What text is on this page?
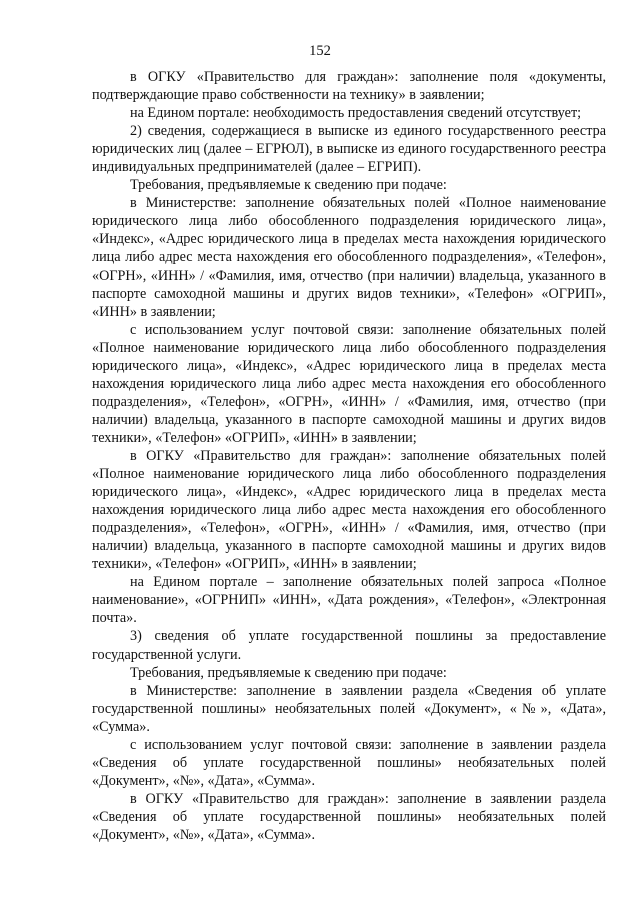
152

в ОГКУ «Правительство для граждан»: заполнение поля «документы, подтверждающие право собственности на технику» в заявлении;

на Едином портале: необходимость предоставления сведений отсутствует;

2) сведения, содержащиеся в выписке из единого государственного реестра юридических лиц (далее – ЕГРЮЛ), в выписке из единого государственного реестра индивидуальных предпринимателей (далее – ЕГРИП).

Требования, предъявляемые к сведению при подаче:

в Министерстве: заполнение обязательных полей «Полное наименование юридического лица либо обособленного подразделения юридического лица», «Индекс», «Адрес юридического лица в пределах места нахождения юридического лица либо адрес места нахождения его обособленного подразделения», «Телефон», «ОГРН», «ИНН» / «Фамилия, имя, отчество (при наличии) владельца, указанного в паспорте самоходной машины и других видов техники», «Телефон» «ОГРИП», «ИНН» в заявлении;

с использованием услуг почтовой связи: заполнение обязательных полей «Полное наименование юридического лица либо обособленного подразделения юридического лица», «Индекс», «Адрес юридического лица в пределах места нахождения юридического лица либо адрес места нахождения его обособленного подразделения», «Телефон», «ОГРН», «ИНН» / «Фамилия, имя, отчество (при наличии) владельца, указанного в паспорте самоходной машины и других видов техники», «Телефон» «ОГРИП», «ИНН» в заявлении;

в ОГКУ «Правительство для граждан»: заполнение обязательных полей «Полное наименование юридического лица либо обособленного подразделения юридического лица», «Индекс», «Адрес юридического лица в пределах места нахождения юридического лица либо адрес места нахождения его обособленного подразделения», «Телефон», «ОГРН», «ИНН» / «Фамилия, имя, отчество (при наличии) владельца, указанного в паспорте самоходной машины и других видов техники», «Телефон» «ОГРИП», «ИНН» в заявлении;

на Едином портале – заполнение обязательных полей запроса «Полное наименование», «ОГРНИП» «ИНН», «Дата рождения», «Телефон», «Электронная почта».

3) сведения об уплате государственной пошлины за предоставление государственной услуги.

Требования, предъявляемые к сведению при подаче:

в Министерстве: заполнение в заявлении раздела «Сведения об уплате государственной пошлины» необязательных полей «Документ», «№», «Дата», «Сумма».

с использованием услуг почтовой связи: заполнение в заявлении раздела «Сведения об уплате государственной пошлины» необязательных полей «Документ», «№», «Дата», «Сумма».

в ОГКУ «Правительство для граждан»: заполнение в заявлении раздела «Сведения об уплате государственной пошлины» необязательных полей «Документ», «№», «Дата», «Сумма».
